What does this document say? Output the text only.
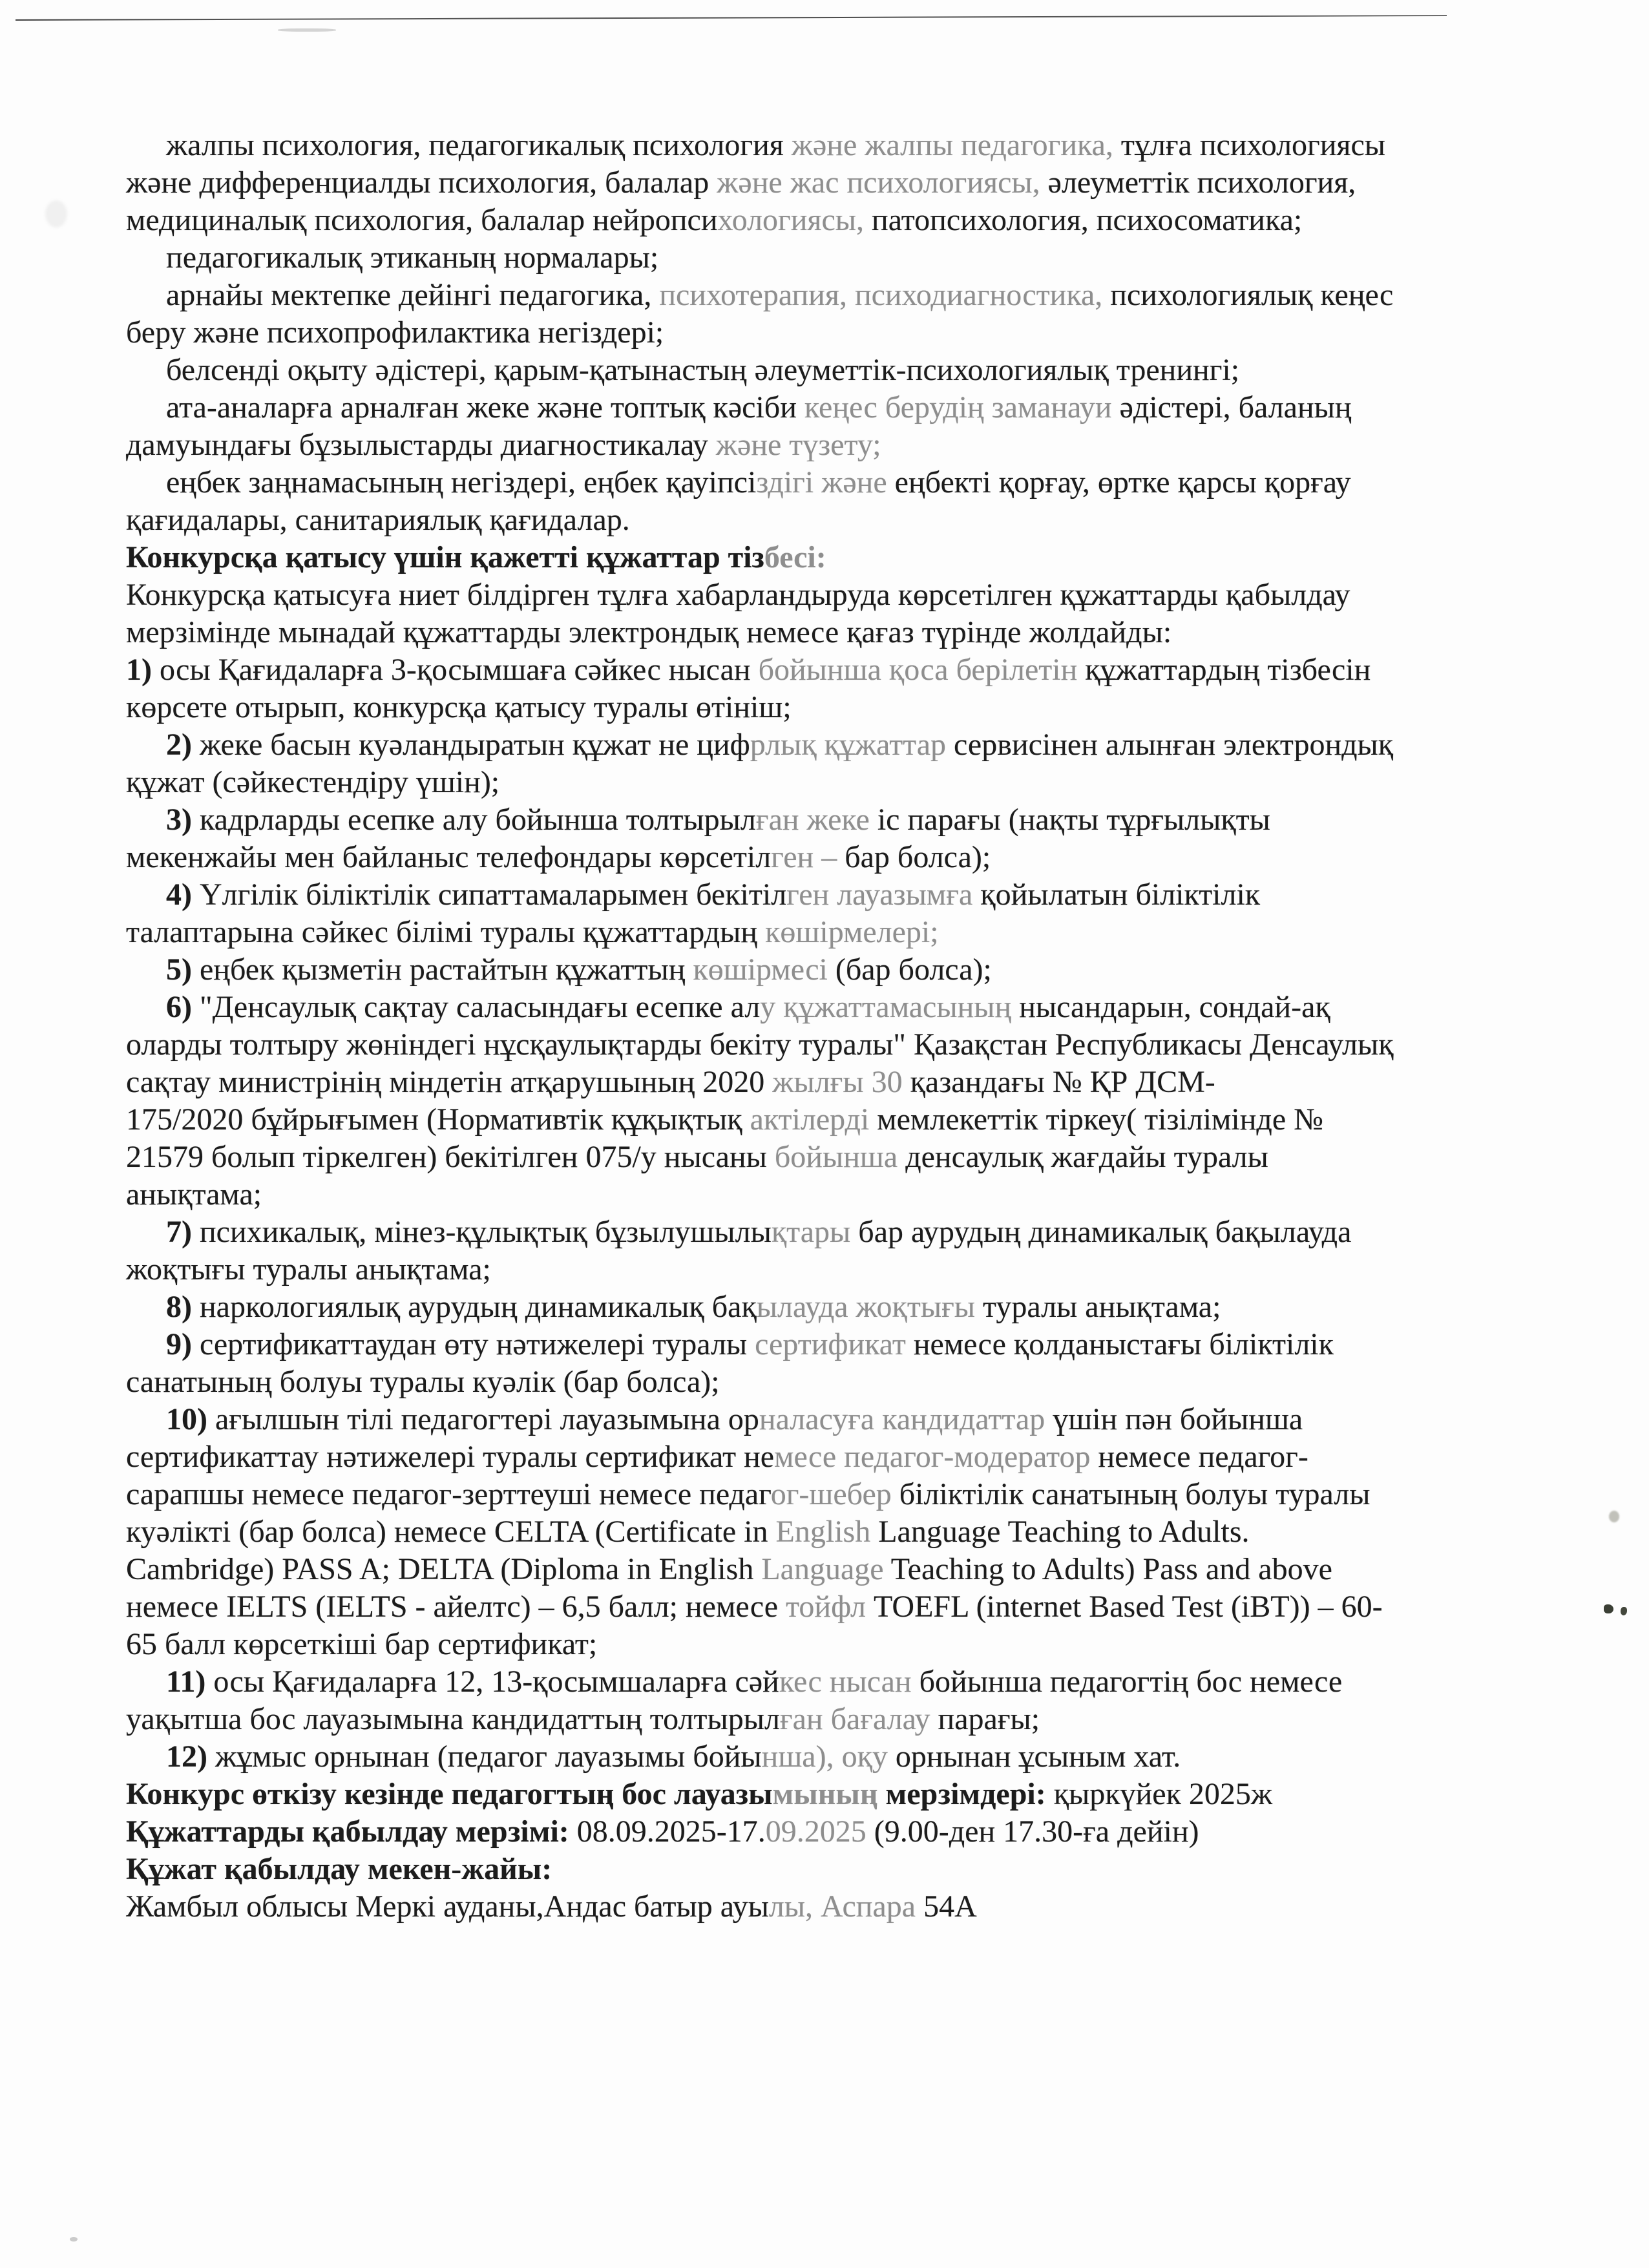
жалпы психология, педагогикалық психология және жалпы педагогика, тұлға психологиясы
және дифференциалды психология, балалар және жас психологиясы, әлеуметтік психология,
медициналық психология, балалар нейропсихологиясы, патопсихология, психосоматика;
педагогикалық этиканың нормалары;
арнайы мектепке дейінгі педагогика, психотерапия, психодиагностика, психологиялық кеңес
беру және психопрофилактика негіздері;
белсенді оқыту әдістері, қарым-қатынастың әлеуметтік-психологиялық тренингі;
ата-аналарға арналған жеке және топтық кәсіби кеңес берудің заманауи әдістері, баланың
дамуындағы бұзылыстарды диагностикалау және түзету;
еңбек заңнамасының негіздері, еңбек қауіпсіздігі және еңбекті қорғау, өртке қарсы қорғау
қағидалары, санитариялық қағидалар.
Конкурсқа қатысу үшін қажетті құжаттар тізбесі:
Конкурсқа қатысуға ниет білдірген тұлға хабарландыруда көрсетілген құжаттарды қабылдау
мерзімінде мынадай құжаттарды электрондық немесе қағаз түрінде жолдайды:
1) осы Қағидаларға 3-қосымшаға сәйкес нысан бойынша қоса берілетін құжаттардың тізбесін
көрсете отырып, конкурсқа қатысу туралы өтініш;
2) жеке басын куәландыратын құжат не цифрлық құжаттар сервисінен алынған электрондық
құжат (сәйкестендіру үшін);
3) кадрларды есепке алу бойынша толтырылған жеке іс парағы (нақты тұрғылықты
мекенжайы мен байланыс телефондары көрсетілген – бар болса);
4) Үлгілік біліктілік сипаттамаларымен бекітілген лауазымға қойылатын біліктілік
талаптарына сәйкес білімі туралы құжаттардың көшірмелері;
5) еңбек қызметін растайтын құжаттың көшірмесі (бар болса);
6) "Денсаулық сақтау саласындағы есепке алу құжаттамасының нысандарын, сондай-ақ
оларды толтыру жөніндегі нұсқаулықтарды бекіту туралы" Қазақстан Республикасы Денсаулық
сақтау министрінің міндетін атқарушының 2020 жылғы 30 қазандағы № ҚР ДСМ-
175/2020 бұйрығымен (Нормативтік құқықтық актілерді мемлекеттік тіркеу( тізілімінде №
21579 болып тіркелген) бекітілген 075/у нысаны бойынша денсаулық жағдайы туралы
анықтама;
7) психикалық, мінез-құлықтық бұзылушылықтары бар аурудың динамикалық бақылауда
жоқтығы туралы анықтама;
8) наркологиялық аурудың динамикалық бақылауда жоқтығы туралы анықтама;
9) сертификаттаудан өту нәтижелері туралы сертификат немесе қолданыстағы біліктілік
санатының болуы туралы куәлік (бар болса);
10) ағылшын тілі педагогтері лауазымына орналасуға кандидаттар үшін пән бойынша
сертификаттау нәтижелері туралы сертификат немесе педагог-модератор немесе педагог-
сарапшы немесе педагог-зерттеуші немесе педагог-шебер біліктілік санатының болуы туралы
куәлікті (бар болса) немесе CELTA (Certificate in English Language Teaching to Adults.
Cambridge) PASS A; DELTA (Diploma in English Language Teaching to Adults) Pass and above
немесе IELTS (IELTS - айелтс) – 6,5 балл; немесе тойфл TOEFL (internet Based Test (iBT)) – 60-
65 балл көрсеткіші бар сертификат;
11) осы Қағидаларға 12, 13-қосымшаларға сәйкес нысан бойынша педагогтің бос немесе
уақытша бос лауазымына кандидаттың толтырылған бағалау парағы;
12) жұмыс орнынан (педагог лауазымы бойынша), оқу орнынан ұсыным хат.
Конкурс өткізу кезінде педагогтың бос лауазымының мерзімдері: қыркүйек 2025ж
Құжаттарды қабылдау мерзімі: 08.09.2025-17.09.2025 (9.00-ден 17.30-ға дейін)
Құжат қабылдау мекен-жайы:
Жамбыл облысы Меркі ауданы,Андас батыр ауылы, Аспара 54А
